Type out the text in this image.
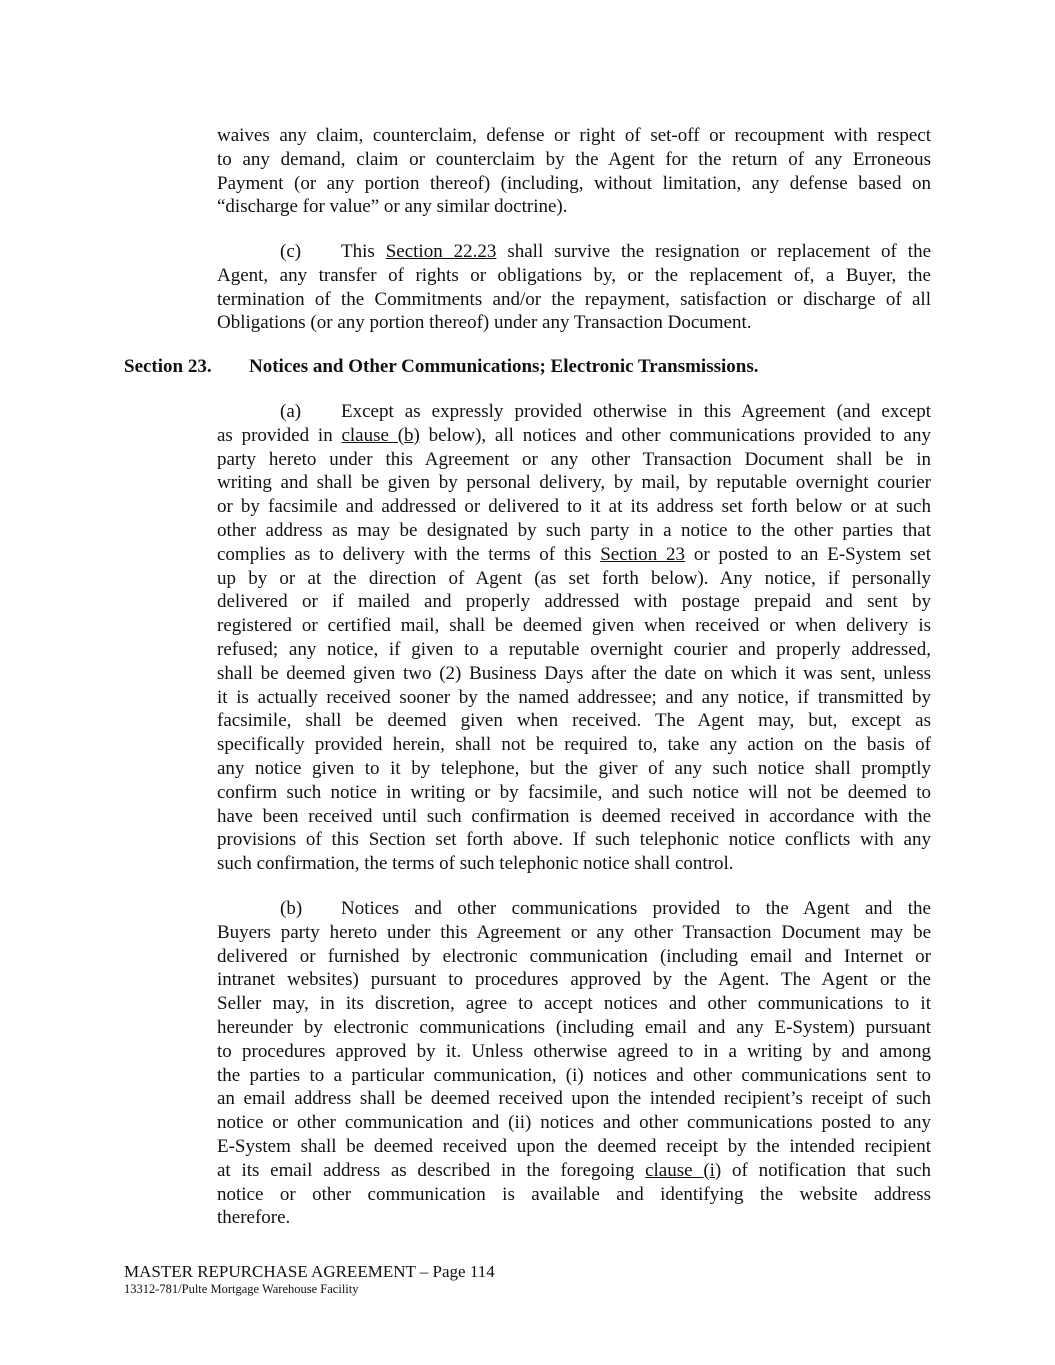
waives any claim, counterclaim, defense or right of set-off or recoupment with respect
to any demand, claim or counterclaim by the Agent for the return of any Erroneous
Payment (or any portion thereof) (including, without limitation, any defense based on
“discharge for value” or any similar doctrine).
(c) This Section 22.23 shall survive the resignation or replacement of the
Agent, any transfer of rights or obligations by, or the replacement of, a Buyer, the
termination of the Commitments and/or the repayment, satisfaction or discharge of all
Obligations (or any portion thereof) under any Transaction Document.
Section 23. Notices and Other Communications; Electronic Transmissions.
(a) Except as expressly provided otherwise in this Agreement (and except
as provided in clause (b) below), all notices and other communications provided to any
party hereto under this Agreement or any other Transaction Document shall be in
writing and shall be given by personal delivery, by mail, by reputable overnight courier
or by facsimile and addressed or delivered to it at its address set forth below or at such
other address as may be designated by such party in a notice to the other parties that
complies as to delivery with the terms of this Section 23 or posted to an E-System set
up by or at the direction of Agent (as set forth below). Any notice, if personally
delivered or if mailed and properly addressed with postage prepaid and sent by
registered or certified mail, shall be deemed given when received or when delivery is
refused; any notice, if given to a reputable overnight courier and properly addressed,
shall be deemed given two (2) Business Days after the date on which it was sent, unless
it is actually received sooner by the named addressee; and any notice, if transmitted by
facsimile, shall be deemed given when received. The Agent may, but, except as
specifically provided herein, shall not be required to, take any action on the basis of
any notice given to it by telephone, but the giver of any such notice shall promptly
confirm such notice in writing or by facsimile, and such notice will not be deemed to
have been received until such confirmation is deemed received in accordance with the
provisions of this Section set forth above. If such telephonic notice conflicts with any
such confirmation, the terms of such telephonic notice shall control.
(b) Notices and other communications provided to the Agent and the
Buyers party hereto under this Agreement or any other Transaction Document may be
delivered or furnished by electronic communication (including email and Internet or
intranet websites) pursuant to procedures approved by the Agent. The Agent or the
Seller may, in its discretion, agree to accept notices and other communications to it
hereunder by electronic communications (including email and any E-System) pursuant
to procedures approved by it. Unless otherwise agreed to in a writing by and among
the parties to a particular communication, (i) notices and other communications sent to
an email address shall be deemed received upon the intended recipient’s receipt of such
notice or other communication and (ii) notices and other communications posted to any
E-System shall be deemed received upon the deemed receipt by the intended recipient
at its email address as described in the foregoing clause (i) of notification that such
notice or other communication is available and identifying the website address
therefore.
MASTER REPURCHASE AGREEMENT – Page 114
13312-781/Pulte Mortgage Warehouse Facility
